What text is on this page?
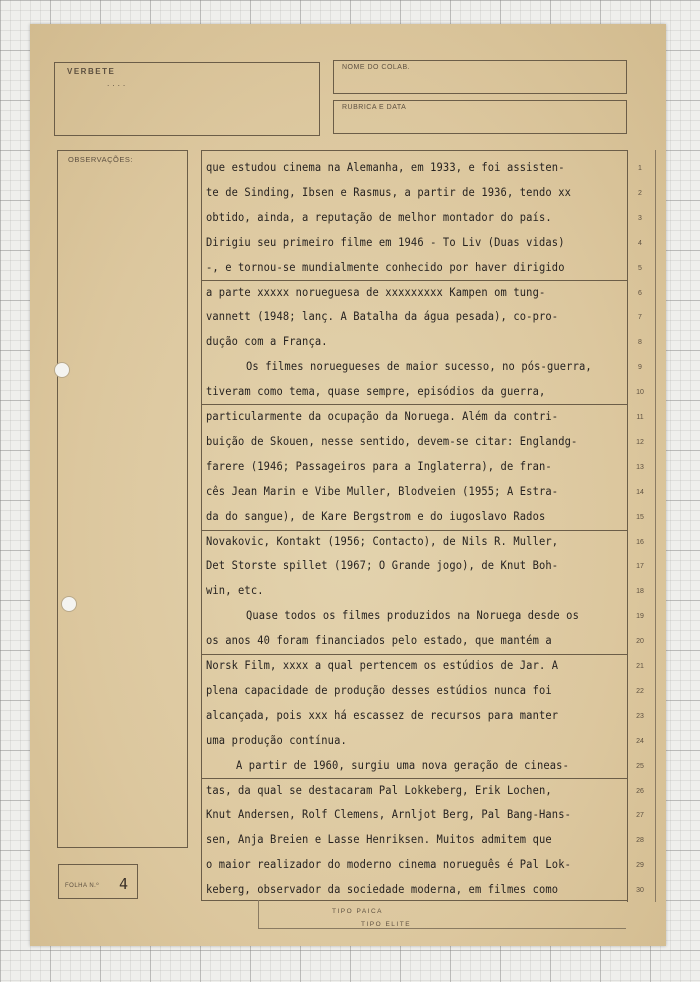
VERBETE
․ ․ ․ ․
NOME DO COLAB.
RUBRICA E DATA
OBSERVAÇÕES:
FOLHA N.º 4
que estudou cinema na Alemanha, em 1933, e foi assisten-
te de Sinding, Ibsen e Rasmus, a partir de 1936, tendo xx
obtido, ainda, a reputação de melhor montador do país.
Dirigiu seu primeiro filme em 1946 - To Liv (Duas vidas)
-, e tornou-se mundialmente conhecido por haver dirigido
a parte xxxxx norueguesa de xxxxxxxxx Kampen om tung-
vannett (1948; lanç. A Batalha da água pesada), co-pro-
dução com a França.
Os filmes noruegueses de maior sucesso, no pós-guerra,
tiveram como tema, quase sempre, episódios da guerra,
particularmente da ocupação da Noruega. Além da contri-
buição de Skouen, nesse sentido, devem-se citar: Englandg-
farere (1946; Passageiros para a Inglaterra), de fran-
cês Jean Marin e Vibe Muller, Blodveien (1955; A Estra-
da do sangue), de Kare Bergstrom e do iugoslavo Rados
Novakovic, Kontakt (1956; Contacto), de Nils R. Muller,
Det Storste spillet (1967; O Grande jogo), de Knut Boh-
win, etc.
Quase todos os filmes produzidos na Noruega desde os
os anos 40 foram financiados pelo estado, que mantém a
Norsk Film, xxxx a qual pertencem os estúdios de Jar. A
plena capacidade de produção desses estúdios nunca foi
alcançada, pois xxx há escassez de recursos para manter
uma produção contínua.
A partir de 1960, surgiu uma nova geração de cineas-
tas, da qual se destacaram Pal Lokkeberg, Erik Lochen,
Knut Andersen, Rolf Clemens, Arnljot Berg, Pal Bang-Hans-
sen, Anja Breien e Lasse Henriksen. Muitos admitem que
o maior realizador do moderno cinema norueguês é Pal Lok-
keberg, observador da sociedade moderna, em filmes como
1
2
3
4
5
6
7
8
9
10
11
12
13
14
15
16
17
18
19
20
21
22
23
24
25
26
27
28
29
30
TIPO PAICA
TIPO ELITE
